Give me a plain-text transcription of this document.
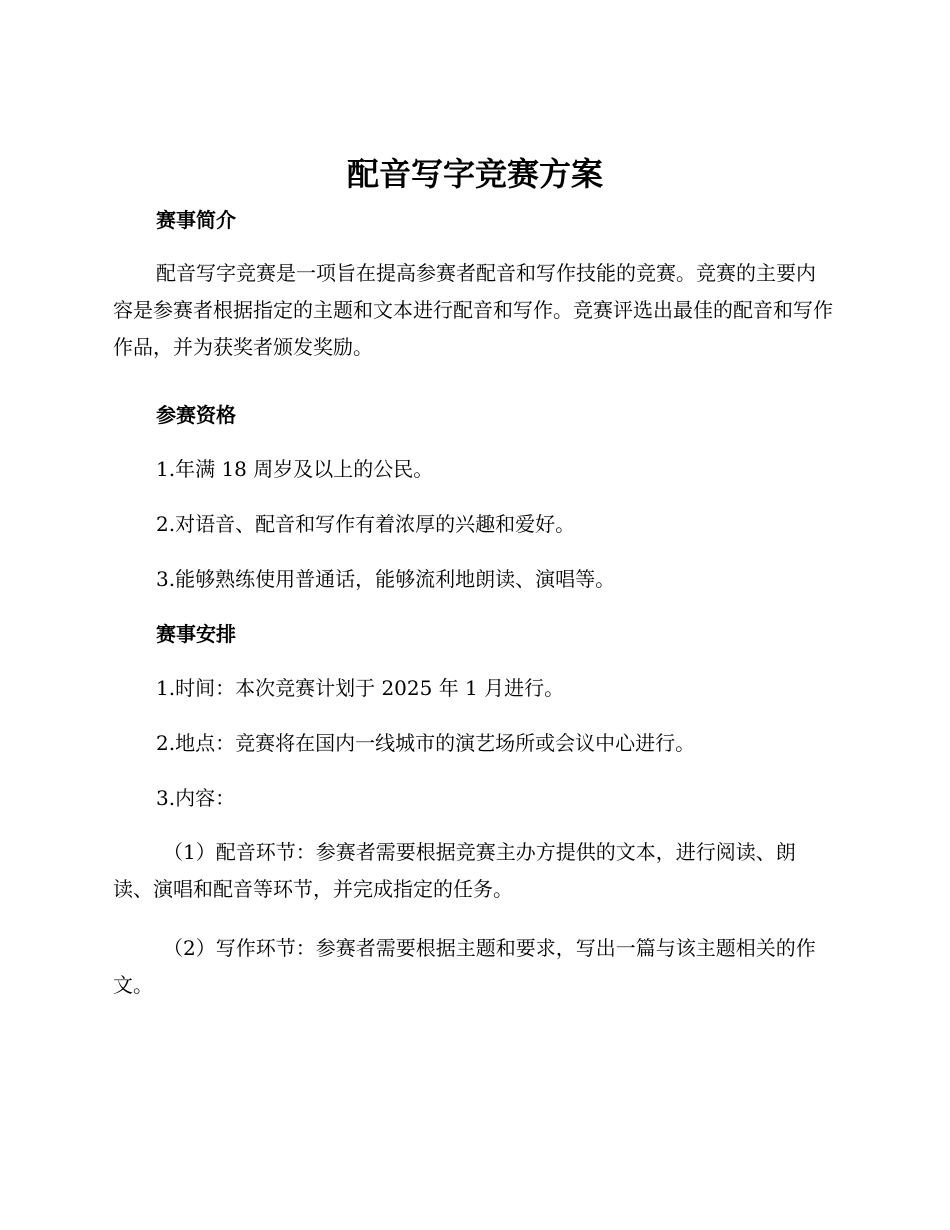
配音写字竞赛方案
赛事简介

配音写字竞赛是一项旨在提高参赛者配音和写作技能的竞赛。竞赛的主要内容是参赛者根据指定的主题和文本进行配音和写作。竞赛评选出最佳的配音和写作作品，并为获奖者颁发奖励。

参赛资格
1.年满 18 周岁及以上的公民。
2.对语音、配音和写作有着浓厚的兴趣和爱好。
3.能够熟练使用普通话，能够流利地朗读、演唱等。
赛事安排
1.时间：本次竞赛计划于 2025 年 1 月进行。
2.地点：竞赛将在国内一线城市的演艺场所或会议中心进行。
3.内容：

（1）配音环节：参赛者需要根据竞赛主办方提供的文本，进行阅读、朗读、演唱和配音等环节，并完成指定的任务。

（2）写作环节：参赛者需要根据主题和要求，写出一篇与该主题相关的作文。
